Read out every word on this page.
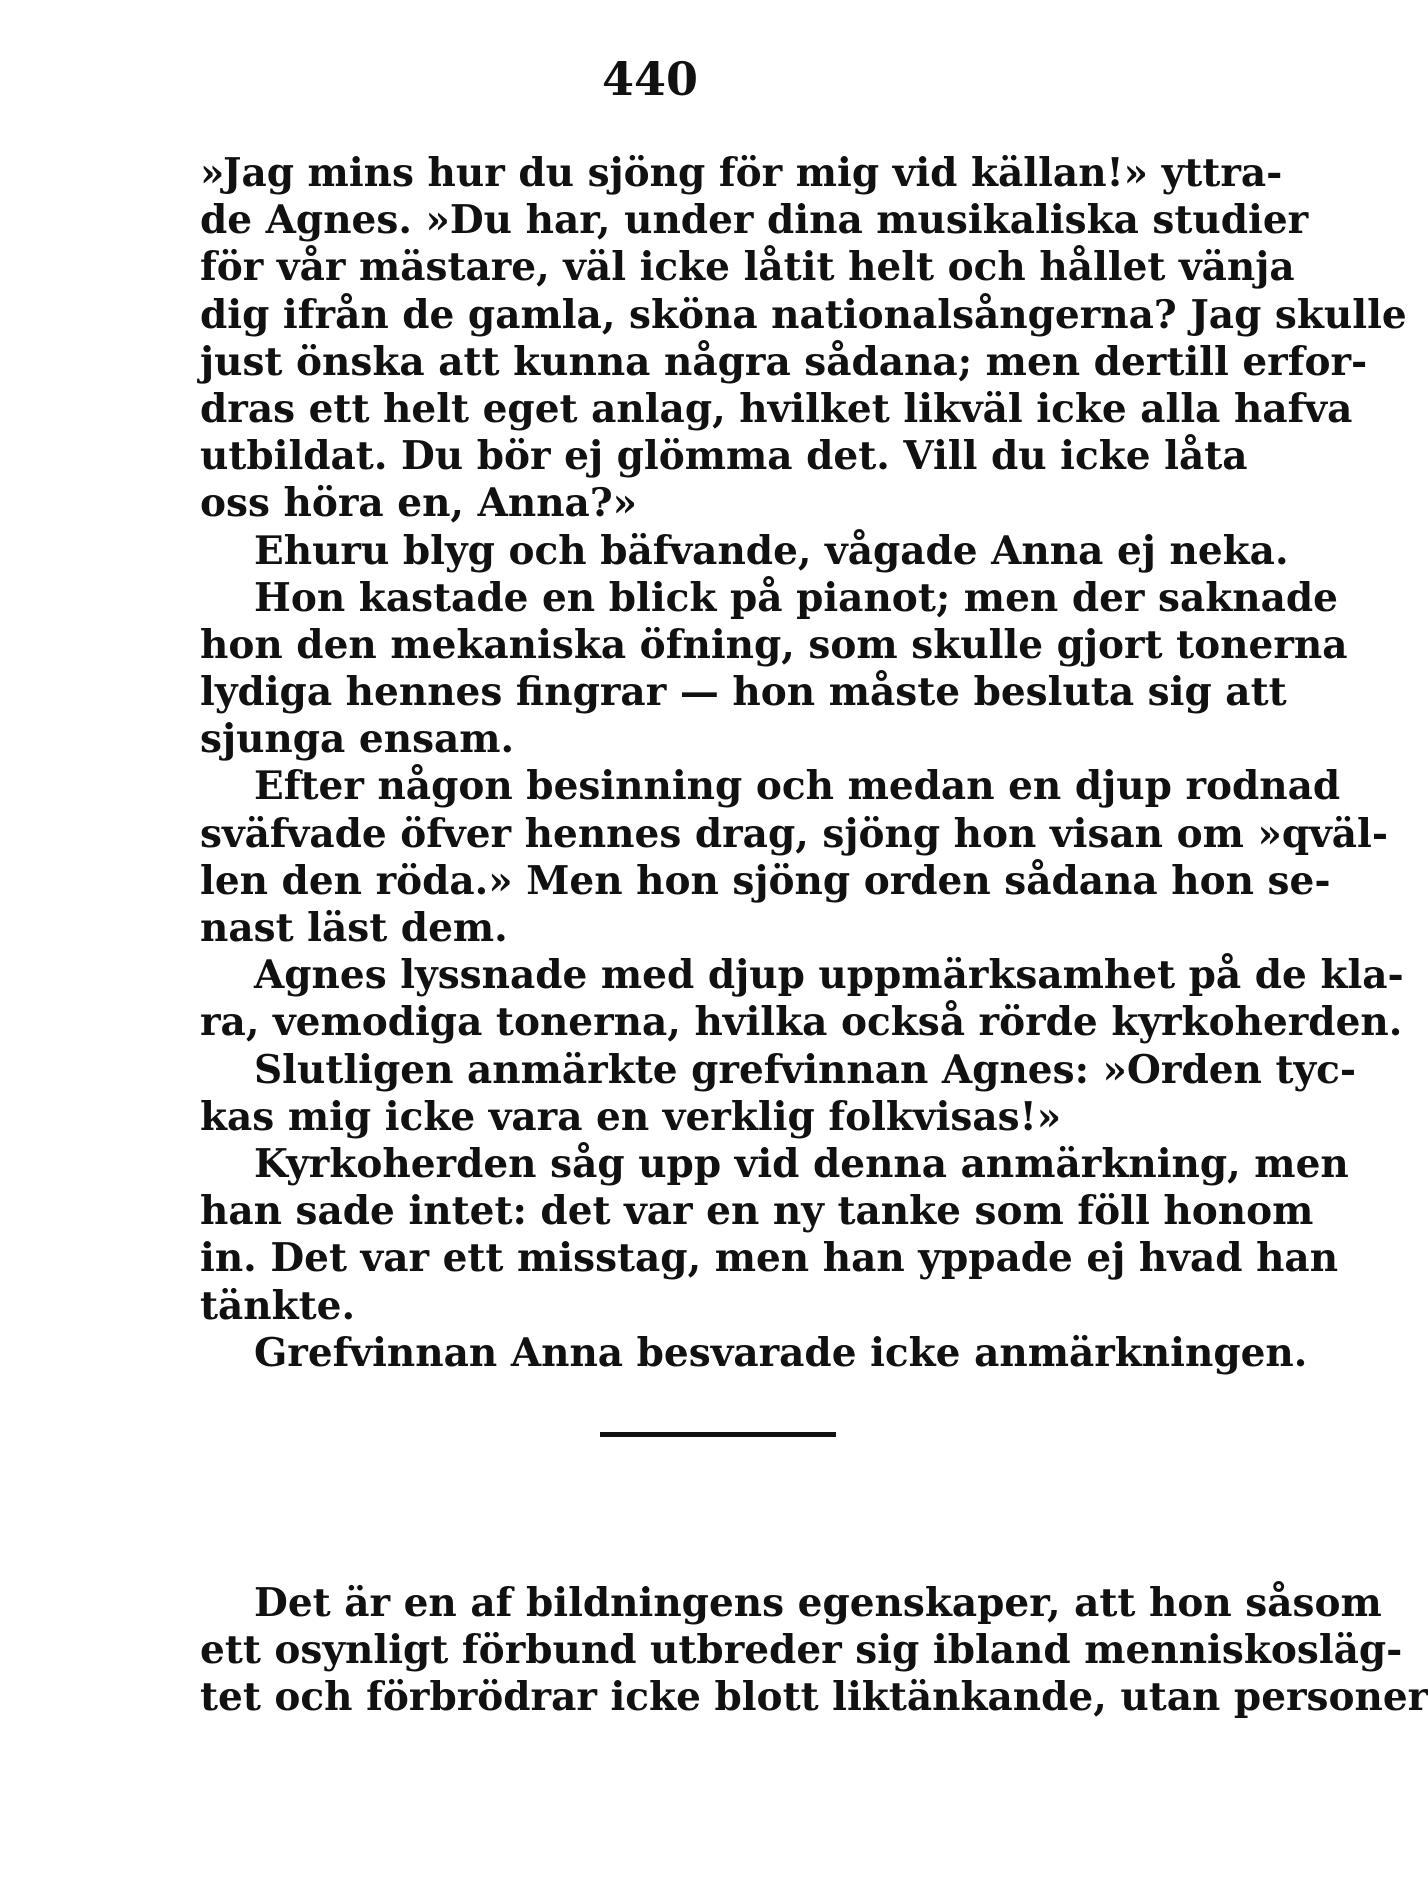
440
»Jag mins hur du sjöng för mig vid källan!» yttra-
de Agnes. »Du har, under dina musikaliska studier
för vår mästare, väl icke låtit helt och hållet vänja
dig ifrån de gamla, sköna nationalsångerna? Jag skulle
just önska att kunna några sådana; men dertill erfor-
dras ett helt eget anlag, hvilket likväl icke alla hafva
utbildat. Du bör ej glömma det. Vill du icke låta
oss höra en, Anna?»
Ehuru blyg och bäfvande, vågade Anna ej neka.
Hon kastade en blick på pianot; men der saknade
hon den mekaniska öfning, som skulle gjort tonerna
lydiga hennes fingrar — hon måste besluta sig att
sjunga ensam.
Efter någon besinning och medan en djup rodnad
sväfvade öfver hennes drag, sjöng hon visan om »qväl-
len den röda.» Men hon sjöng orden sådana hon se-
nast läst dem.
Agnes lyssnade med djup uppmärksamhet på de kla-
ra, vemodiga tonerna, hvilka också rörde kyrkoherden.
Slutligen anmärkte grefvinnan Agnes: »Orden tyc-
kas mig icke vara en verklig folkvisas!»
Kyrkoherden såg upp vid denna anmärkning, men
han sade intet: det var en ny tanke som föll honom
in. Det var ett misstag, men han yppade ej hvad han
tänkte.
Grefvinnan Anna besvarade icke anmärkningen.
Det är en af bildningens egenskaper, att hon såsom
ett osynligt förbund utbreder sig ibland menniskosläg-
tet och förbrödrar icke blott liktänkande, utan personer
